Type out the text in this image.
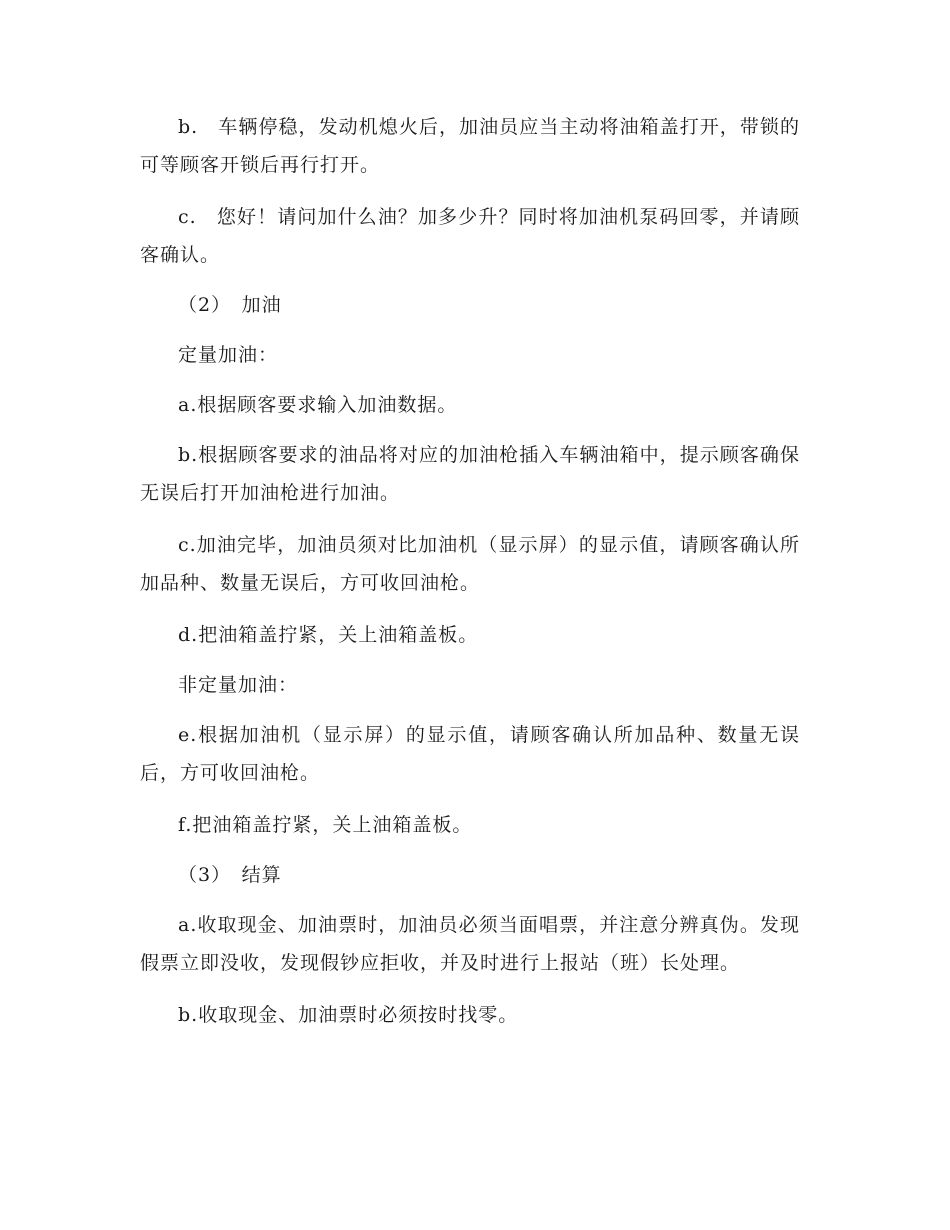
b.　车辆停稳，发动机熄火后，加油员应当主动将油箱盖打开，带锁的可等顾客开锁后再行打开。

c.　您好！请问加什么油？加多少升？同时将加油机泵码回零，并请顾客确认。

（2）　加油

定量加油：

a.根据顾客要求输入加油数据。

b.根据顾客要求的油品将对应的加油枪插入车辆油箱中，提示顾客确保无误后打开加油枪进行加油。

c.加油完毕，加油员须对比加油机（显示屏）的显示值，请顾客确认所加品种、数量无误后，方可收回油枪。

d.把油箱盖拧紧，关上油箱盖板。

非定量加油：

e.根据加油机（显示屏）的显示值，请顾客确认所加品种、数量无误后，方可收回油枪。

f.把油箱盖拧紧，关上油箱盖板。

（3）　结算

a.收取现金、加油票时，加油员必须当面唱票，并注意分辨真伪。发现假票立即没收，发现假钞应拒收，并及时进行上报站（班）长处理。

b.收取现金、加油票时必须按时找零。
